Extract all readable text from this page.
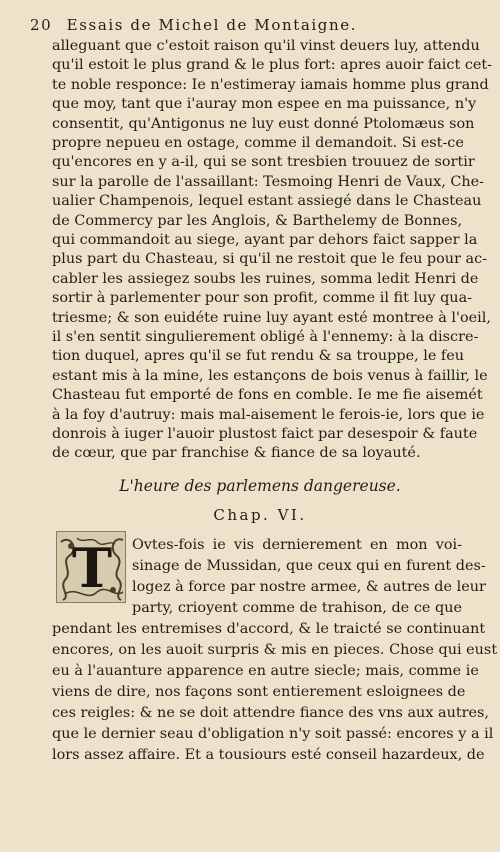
20 Essais de Michel de Montaigne.
alleguant que c'estoit raison qu'il vinst deuers luy, attendu
qu'il estoit le plus grand & le plus fort: apres auoir faict cet-
te noble responce: Ie n'estimeray iamais homme plus grand
que moy, tant que i'auray mon espee en ma puissance, n'y
consentit, qu'Antigonus ne luy eust donné Ptolomæus son
propre nepueu en ostage, comme il demandoit. Si est-ce
qu'encores en y a-il, qui se sont tresbien trouuez de sortir
sur la parolle de l'assaillant: Tesmoing Henri de Vaux, Che-
ualier Champenois, lequel estant assiegé dans le Chasteau
de Commercy par les Anglois, & Barthelemy de Bonnes,
qui commandoit au siege, ayant par dehors faict sapper la
plus part du Chasteau, si qu'il ne restoit que le feu pour ac-
cabler les assiegez soubs les ruines, somma ledit Henri de
sortir à parlementer pour son profit, comme il fit luy qua-
triesme; & son euidéte ruine luy ayant esté montree à l'oeil,
il s'en sentit singulierement obligé à l'ennemy: à la discre-
tion duquel, apres qu'il se fut rendu & sa trouppe, le feu
estant mis à la mine, les estançons de bois venus à faillir, le
Chasteau fut emporté de fons en comble. Ie me fie aisemét
à la foy d'autruy: mais mal-aisement le ferois-ie, lors que ie
donrois à iuger l'auoir plustost faict par desespoir & faute
de cœur, que par franchise & fiance de sa loyauté.
L'heure des parlemens dangereuse.
Chap. VI.
T	Ovtes-fois ie vis dernierement en mon voi-
sinage de Mussidan, que ceux qui en furent des-
logez à force par nostre armee, & autres de leur
party, crioyent comme de trahison, de ce que
pendant les entremises d'accord, & le traicté se continuant
encores, on les auoit surpris & mis en pieces. Chose qui eust
eu à l'auanture apparence en autre siecle; mais, comme ie
viens de dire, nos façons sont entierement esloignees de
ces reigles: & ne se doit attendre fiance des vns aux autres,
que le dernier seau d'obligation n'y soit passé: encores y a il
lors assez affaire. Et a tousiours esté conseil hazardeux, de
